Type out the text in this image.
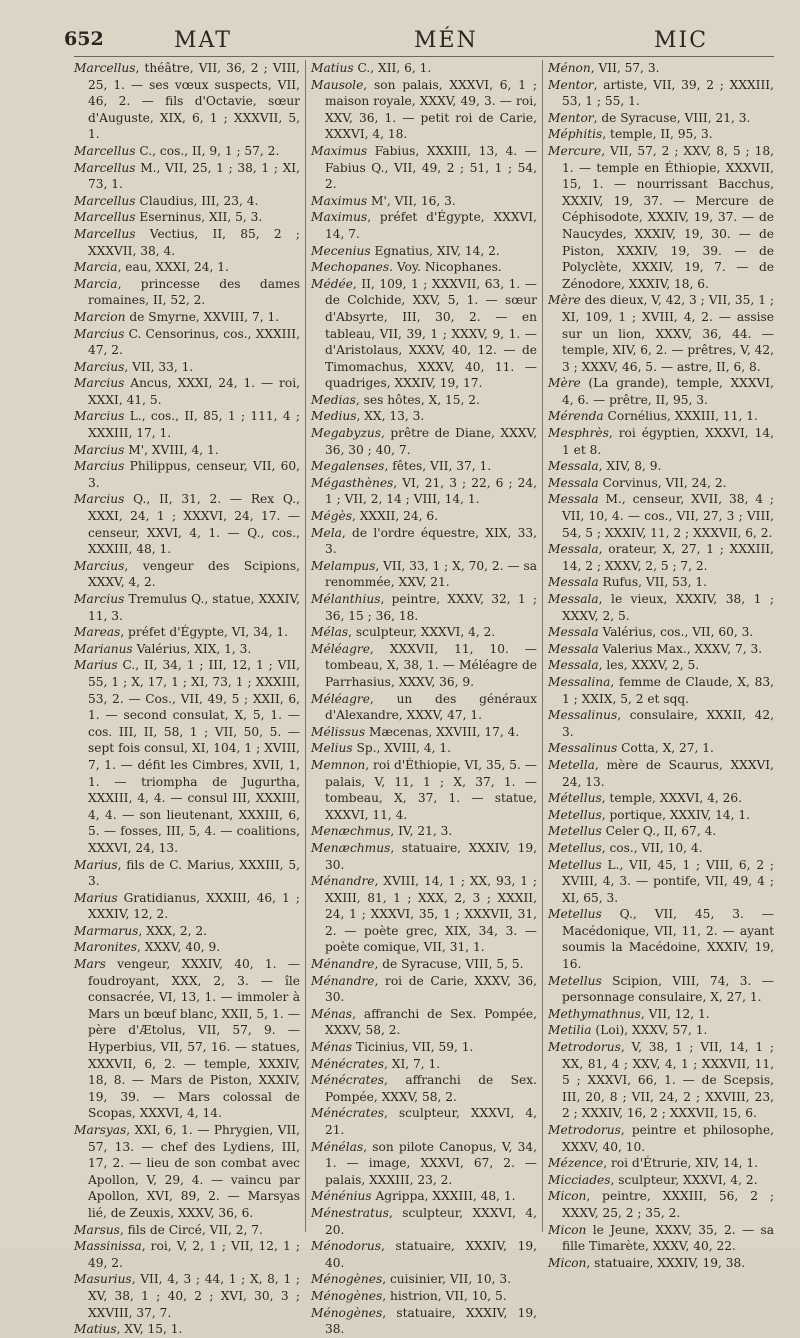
652	MAT	MÉN	MIC

Marcellus, théâtre, VII, 36, 2 ; VIII, 25, 1. — ses vœux suspects, VII, 46, 2. — fils d'Octavie, sœur d'Auguste, XIX, 6, 1 ; XXXVII, 5, 1.

Marcellus C., cos., II, 9, 1 ; 57, 2.

Marcellus M., VII, 25, 1 ; 38, 1 ; XI, 73, 1.

Marcellus Claudius, III, 23, 4.

Marcellus Eserninus, XII, 5, 3.

Marcellus Vectius, II, 85, 2 ; XXXVII, 38, 4.

Marcia, eau, XXXI, 24, 1.

Marcia, princesse des dames romaines, II, 52, 2.

Marcion de Smyrne, XXVIII, 7, 1.

Marcius C. Censorinus, cos., XXXIII, 47, 2.

Marcius, VII, 33, 1.

Marcius Ancus, XXXI, 24, 1. — roi, XXXI, 41, 5.

Marcius L., cos., II, 85, 1 ; 111, 4 ; XXXIII, 17, 1.

Marcius M', XVIII, 4, 1.

Marcius Philippus, censeur, VII, 60, 3.

Marcius Q., II, 31, 2. — Rex Q., XXXI, 24, 1 ; XXXVI, 24, 17. — censeur, XXVI, 4, 1. — Q., cos., XXXIII, 48, 1.

Marcius, vengeur des Scipions, XXXV, 4, 2.

Marcius Tremulus Q., statue, XXXIV, 11, 3.

Mareas, préfet d'Égypte, VI, 34, 1.

Marianus Valérius, XIX, 1, 3.

Marius C., II, 34, 1 ; III, 12, 1 ; VII, 55, 1 ; X, 17, 1 ; XI, 73, 1 ; XXXIII, 53, 2. — Cos., VII, 49, 5 ; XXII, 6, 1. — second consulat, X, 5, 1. — cos. III, II, 58, 1 ; VII, 50, 5. — sept fois consul, XI, 104, 1 ; XVIII, 7, 1. — défit les Cimbres, XVII, 1, 1. — triompha de Jugurtha, XXXIII, 4, 4. — consul III, XXXIII, 4, 4. — son lieutenant, XXXIII, 6, 5. — fosses, III, 5, 4. — coalitions, XXXVI, 24, 13.

Marius, fils de C. Marius, XXXIII, 5, 3.

Marius Gratidianus, XXXIII, 46, 1 ; XXXIV, 12, 2.

Marmarus, XXX, 2, 2.

Maronites, XXXV, 40, 9.

Mars vengeur, XXXIV, 40, 1. — foudroyant, XXX, 2, 3. — île consacrée, VI, 13, 1. — immoler à Mars un bœuf blanc, XXII, 5, 1. — père d'Ætolus, VII, 57, 9. — Hyperbius, VII, 57, 16. — statues, XXXVII, 6, 2. — temple, XXXIV, 18, 8. — Mars de Piston, XXXIV, 19, 39. — Mars colossal de Scopas, XXXVI, 4, 14.

Marsyas, XXI, 6, 1. — Phrygien, VII, 57, 13. — chef des Lydiens, III, 17, 2. — lieu de son combat avec Apollon, V, 29, 4. — vaincu par Apollon, XVI, 89, 2. — Marsyas lié, de Zeuxis, XXXV, 36, 6.

Marsus, fils de Circé, VII, 2, 7.

Massinissa, roi, V, 2, 1 ; VII, 12, 1 ; 49, 2.

Masurius, VII, 4, 3 ; 44, 1 ; X, 8, 1 ; XV, 38, 1 ; 40, 2 ; XVI, 30, 3 ; XXVIII, 37, 7.

Matius, XV, 15, 1.

Matius C., XII, 6, 1.

Mausole, son palais, XXXVI, 6, 1 ; maison royale, XXXV, 49, 3. — roi, XXV, 36, 1. — petit roi de Carie, XXXVI, 4, 18.

Maximus Fabius, XXXIII, 13, 4. — Fabius Q., VII, 49, 2 ; 51, 1 ; 54, 2.

Maximus M', VII, 16, 3.

Maximus, préfet d'Égypte, XXXVI, 14, 7.

Mecenius Egnatius, XIV, 14, 2.

Mechopanes. Voy. Nicophanes.

Médée, II, 109, 1 ; XXXVII, 63, 1. — de Colchide, XXV, 5, 1. — sœur d'Absyrte, III, 30, 2. — en tableau, VII, 39, 1 ; XXXV, 9, 1. — d'Aristolaus, XXXV, 40, 12. — de Timomachus, XXXV, 40, 11. — quadriges, XXXIV, 19, 17.

Medias, ses hôtes, X, 15, 2.

Medius, XX, 13, 3.

Megabyzus, prêtre de Diane, XXXV, 36, 30 ; 40, 7.

Megalenses, fêtes, VII, 37, 1.

Mégasthènes, VI, 21, 3 ; 22, 6 ; 24, 1 ; VII, 2, 14 ; VIII, 14, 1.

Mégès, XXXII, 24, 6.

Mela, de l'ordre équestre, XIX, 33, 3.

Melampus, VII, 33, 1 ; X, 70, 2. — sa renommée, XXV, 21.

Mélanthius, peintre, XXXV, 32, 1 ; 36, 15 ; 36, 18.

Mélas, sculpteur, XXXVI, 4, 2.

Méléagre, XXXVII, 11, 10. — tombeau, X, 38, 1. — Méléagre de Parrhasius, XXXV, 36, 9.

Méléagre, un des généraux d'Alexandre, XXXV, 47, 1.

Mélissus Mæcenas, XXVIII, 17, 4.

Melius Sp., XVIII, 4, 1.

Memnon, roi d'Éthiopie, VI, 35, 5. — palais, V, 11, 1 ; X, 37, 1. — tombeau, X, 37, 1. — statue, XXXVI, 11, 4.

Menæchmus, IV, 21, 3.

Menæchmus, statuaire, XXXIV, 19, 30.

Ménandre, XVIII, 14, 1 ; XX, 93, 1 ; XXIII, 81, 1 ; XXX, 2, 3 ; XXXII, 24, 1 ; XXXVI, 35, 1 ; XXXVII, 31, 2. — poète grec, XIX, 34, 3. — poète comique, VII, 31, 1.

Ménandre, de Syracuse, VIII, 5, 5.

Ménandre, roi de Carie, XXXV, 36, 30.

Ménas, affranchi de Sex. Pompée, XXXV, 58, 2.

Ménas Ticinius, VII, 59, 1.

Ménécrates, XI, 7, 1.

Ménécrates, affranchi de Sex. Pompée, XXXV, 58, 2.

Ménécrates, sculpteur, XXXVI, 4, 21.

Ménélas, son pilote Canopus, V, 34, 1. — image, XXXVI, 67, 2. — palais, XXXIII, 23, 2.

Ménénius Agrippa, XXXIII, 48, 1.

Ménestratus, sculpteur, XXXVI, 4, 20.

Ménodorus, statuaire, XXXIV, 19, 40.

Ménogènes, cuisinier, VII, 10, 3.

Ménogènes, histrion, VII, 10, 5.

Ménogènes, statuaire, XXXIV, 19, 38.

Ménon, VII, 57, 3.

Mentor, artiste, VII, 39, 2 ; XXXIII, 53, 1 ; 55, 1.

Mentor, de Syracuse, VIII, 21, 3.

Méphitis, temple, II, 95, 3.

Mercure, VII, 57, 2 ; XXV, 8, 5 ; 18, 1. — temple en Éthiopie, XXXVII, 15, 1. — nourrissant Bacchus, XXXIV, 19, 37. — Mercure de Céphisodote, XXXIV, 19, 37. — de Naucydes, XXXIV, 19, 30. — de Piston, XXXIV, 19, 39. — de Polyclète, XXXIV, 19, 7. — de Zénodore, XXXIV, 18, 6.

Mère des dieux, V, 42, 3 ; VII, 35, 1 ; XI, 109, 1 ; XVIII, 4, 2. — assise sur un lion, XXXV, 36, 44. — temple, XIV, 6, 2. — prêtres, V, 42, 3 ; XXXV, 46, 5. — astre, II, 6, 8.

Mère (La grande), temple, XXXVI, 4, 6. — prêtre, II, 95, 3.

Mérenda Cornélius, XXXIII, 11, 1.

Mesphrès, roi égyptien, XXXVI, 14, 1 et 8.

Messala, XIV, 8, 9.

Messala Corvinus, VII, 24, 2.

Messala M., censeur, XVII, 38, 4 ; VII, 10, 4. — cos., VII, 27, 3 ; VIII, 54, 5 ; XXXIV, 11, 2 ; XXXVII, 6, 2.

Messala, orateur, X, 27, 1 ; XXXIII, 14, 2 ; XXXV, 2, 5 ; 7, 2.

Messala Rufus, VII, 53, 1.

Messala, le vieux, XXXIV, 38, 1 ; XXXV, 2, 5.

Messala Valérius, cos., VII, 60, 3.

Messala Valerius Max., XXXV, 7, 3.

Messala, les, XXXV, 2, 5.

Messalina, femme de Claude, X, 83, 1 ; XXIX, 5, 2 et sqq.

Messalinus, consulaire, XXXII, 42, 3.

Messalinus Cotta, X, 27, 1.

Metella, mère de Scaurus, XXXVI, 24, 13.

Métellus, temple, XXXVI, 4, 26.

Metellus, portique, XXXIV, 14, 1.

Metellus Celer Q., II, 67, 4.

Metellus, cos., VII, 10, 4.

Metellus L., VII, 45, 1 ; VIII, 6, 2 ; XVIII, 4, 3. — pontife, VII, 49, 4 ; XI, 65, 3.

Metellus Q., VII, 45, 3. — Macédonique, VII, 11, 2. — ayant soumis la Macédoine, XXXIV, 19, 16.

Metellus Scipion, VIII, 74, 3. — personnage consulaire, X, 27, 1.

Methymathnus, VII, 12, 1.

Metilia (Loi), XXXV, 57, 1.

Metrodorus, V, 38, 1 ; VII, 14, 1 ; XX, 81, 4 ; XXV, 4, 1 ; XXXVII, 11, 5 ; XXXVI, 66, 1. — de Scepsis, III, 20, 8 ; VII, 24, 2 ; XXVIII, 23, 2 ; XXXIV, 16, 2 ; XXXVII, 15, 6.

Metrodorus, peintre et philosophe, XXXV, 40, 10.

Mézence, roi d'Étrurie, XIV, 14, 1.

Micciades, sculpteur, XXXVI, 4, 2.

Micon, peintre, XXXIII, 56, 2 ; XXXV, 25, 2 ; 35, 2.

Micon le Jeune, XXXV, 35, 2. — sa fille Timarète, XXXV, 40, 22.

Micon, statuaire, XXXIV, 19, 38.
